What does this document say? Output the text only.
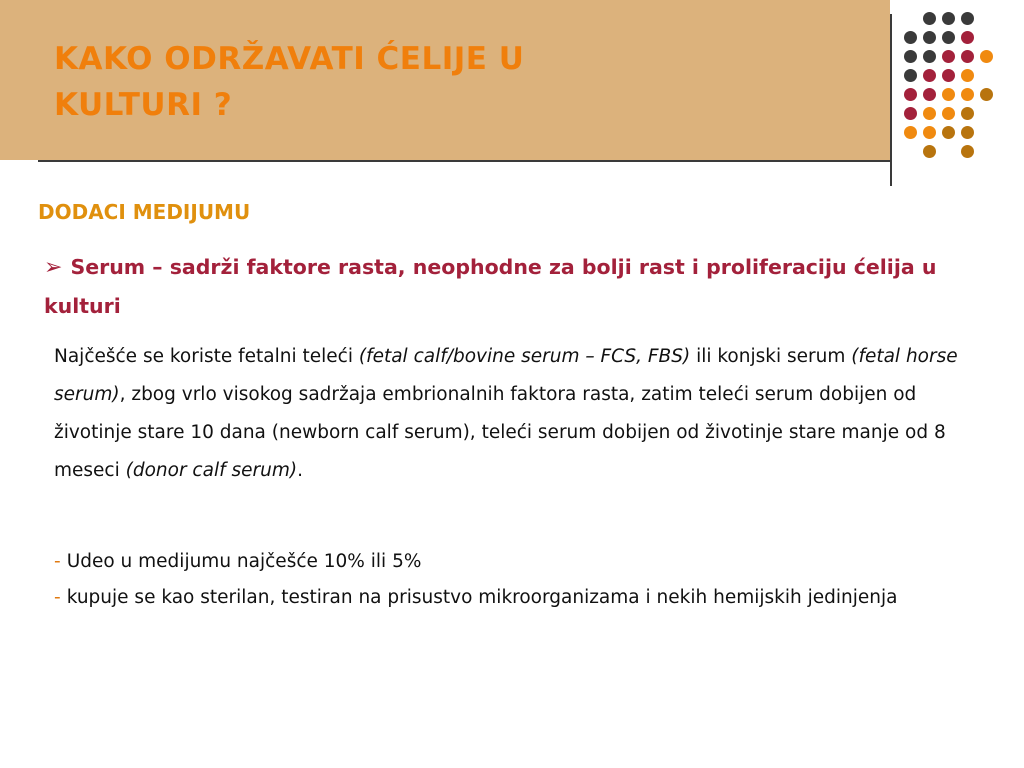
KAKO ODRŽAVATI ĆELIJE U
KULTURI ?
DODACI MEDIJUMU
➢ Serum – sadrži faktore rasta, neophodne za bolji rast i proliferaciju ćelija u kulturi
Najčešće se koriste fetalni teleći (fetal calf/bovine serum – FCS, FBS) ili konjski serum (fetal horse serum), zbog vrlo visokog sadržaja embrionalnih faktora rasta, zatim teleći serum dobijen od životinje stare 10 dana (newborn calf serum), teleći serum dobijen od životinje stare manje od 8 meseci (donor calf serum).
- Udeo u medijumu najčešće 10% ili 5%
- kupuje se kao sterilan, testiran na prisustvo mikroorganizama i nekih hemijskih jedinjenja
